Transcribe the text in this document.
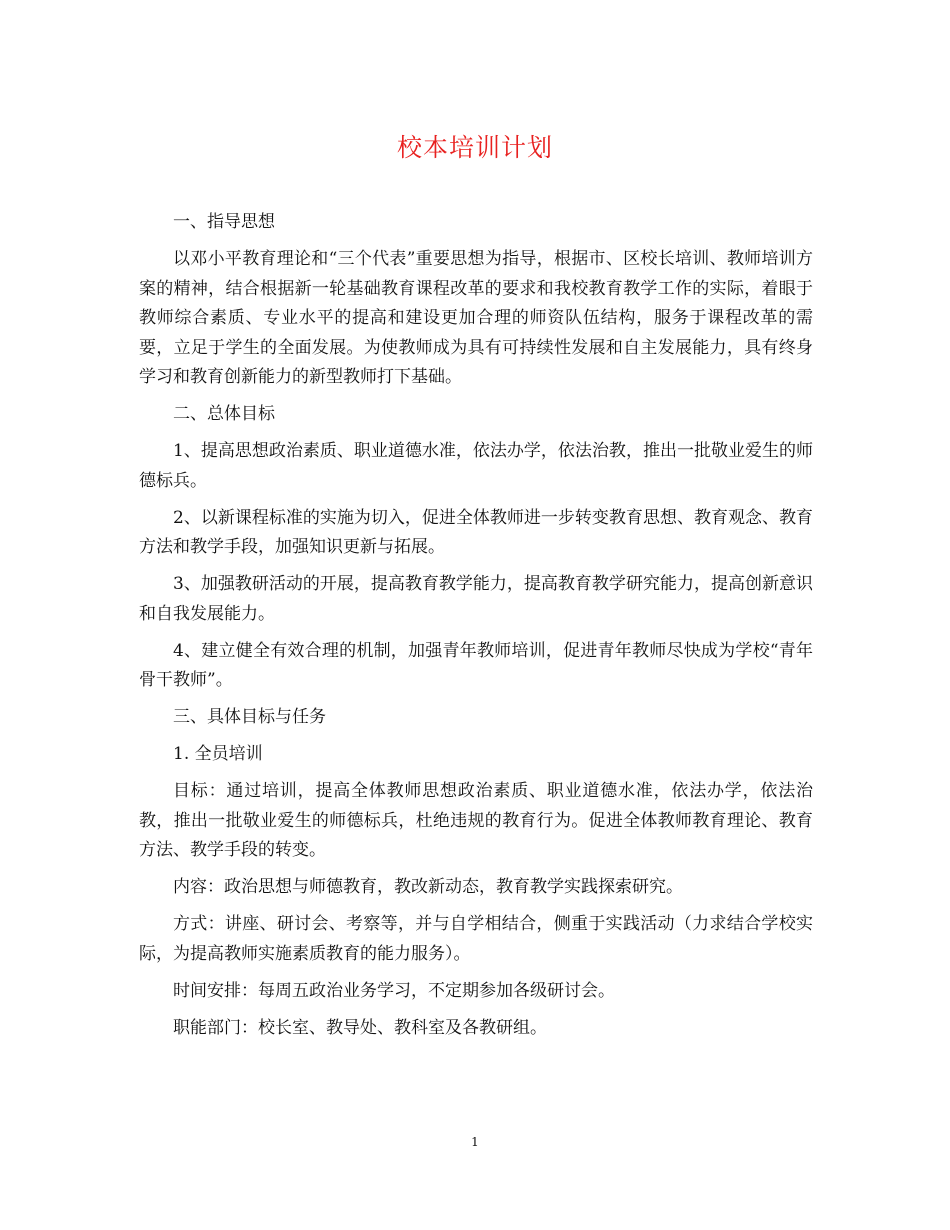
校本培训计划

一、指导思想

以邓小平教育理论和“三个代表”重要思想为指导，根据市、区校长培训、教师培训方案的精神，结合根据新一轮基础教育课程改革的要求和我校教育教学工作的实际，着眼于教师综合素质、专业水平的提高和建设更加合理的师资队伍结构，服务于课程改革的需要，立足于学生的全面发展。为使教师成为具有可持续性发展和自主发展能力，具有终身学习和教育创新能力的新型教师打下基础。

二、总体目标

1、提高思想政治素质、职业道德水准，依法办学，依法治教，推出一批敬业爱生的师德标兵。

2、以新课程标准的实施为切入，促进全体教师进一步转变教育思想、教育观念、教育方法和教学手段，加强知识更新与拓展。

3、加强教研活动的开展，提高教育教学能力，提高教育教学研究能力，提高创新意识和自我发展能力。

4、建立健全有效合理的机制，加强青年教师培训，促进青年教师尽快成为学校“青年骨干教师”。

三、具体目标与任务

1. 全员培训

目标：通过培训，提高全体教师思想政治素质、职业道德水准，依法办学，依法治教，推出一批敬业爱生的师德标兵，杜绝违规的教育行为。促进全体教师教育理论、教育方法、教学手段的转变。

内容：政治思想与师德教育，教改新动态，教育教学实践探索研究。

方式：讲座、研讨会、考察等，并与自学相结合，侧重于实践活动（力求结合学校实际，为提高教师实施素质教育的能力服务）。

时间安排：每周五政治业务学习，不定期参加各级研讨会。

职能部门：校长室、教导处、教科室及各教研组。

1
